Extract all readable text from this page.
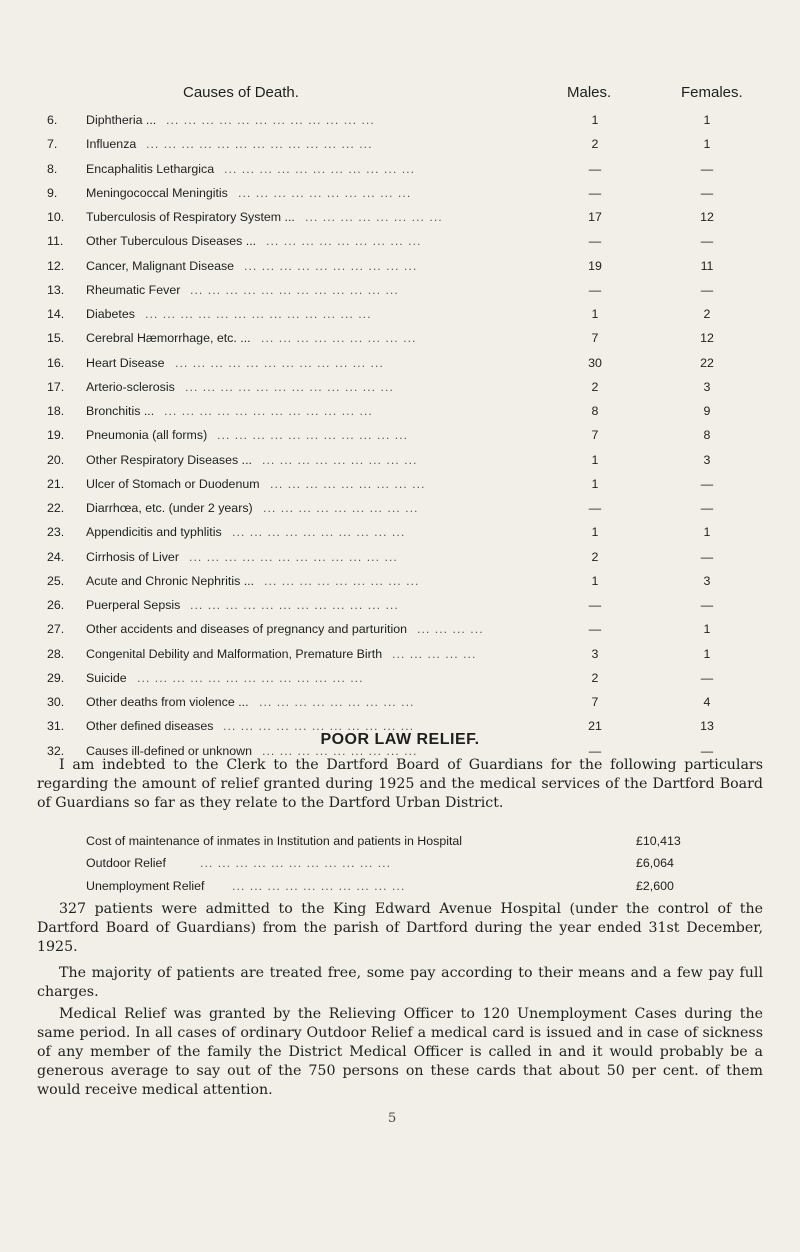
Causes of Death.	Males.	Females.
6.	Diphtheria ... ... ... ... ... ... ... ... ... ... ... ... ...	1	1
7.	Influenza ... ... ... ... ... ... ... ... ... ... ... ... ...	2	1
8.	Encaphalitis Lethargica ... ... ... ... ... ... ... ... ... ... ...	—	—
9.	Meningococcal Meningitis ... ... ... ... ... ... ... ... ... ...	—	—
10.	Tuberculosis of Respiratory System ... ... ... ... ... ... ... ... ...	17	12
11.	Other Tuberculous Diseases ... ... ... ... ... ... ... ... ... ...	—	—
12.	Cancer, Malignant Disease ... ... ... ... ... ... ... ... ... ...	19	11
13.	Rheumatic Fever ... ... ... ... ... ... ... ... ... ... ... ...	—	—
14.	Diabetes ... ... ... ... ... ... ... ... ... ... ... ... ...	1	2
15.	Cerebral Hæmorrhage, etc. ... ... ... ... ... ... ... ... ... ...	7	12
16.	Heart Disease ... ... ... ... ... ... ... ... ... ... ... ...	30	22
17.	Arterio-sclerosis ... ... ... ... ... ... ... ... ... ... ... ...	2	3
18.	Bronchitis ... ... ... ... ... ... ... ... ... ... ... ... ...	8	9
19.	Pneumonia (all forms) ... ... ... ... ... ... ... ... ... ... ...	7	8
20.	Other Respiratory Diseases ... ... ... ... ... ... ... ... ... ...	1	3
21.	Ulcer of Stomach or Duodenum ... ... ... ... ... ... ... ... ...	1	—
22.	Diarrhœa, etc. (under 2 years) ... ... ... ... ... ... ... ... ...	—	—
23.	Appendicitis and typhlitis ... ... ... ... ... ... ... ... ... ...	1	1
24.	Cirrhosis of Liver ... ... ... ... ... ... ... ... ... ... ... ...	2	—
25.	Acute and Chronic Nephritis ... ... ... ... ... ... ... ... ... ...	1	3
26.	Puerperal Sepsis ... ... ... ... ... ... ... ... ... ... ... ...	—	—
27.	Other accidents and diseases of pregnancy and parturition ... ... ... ...	—	1
28.	Congenital Debility and Malformation, Premature Birth ... ... ... ... ...	3	1
29.	Suicide ... ... ... ... ... ... ... ... ... ... ... ... ...	2	—
30.	Other deaths from violence ... ... ... ... ... ... ... ... ... ...	7	4
31.	Other defined diseases ... ... ... ... ... ... ... ... ... ... ...	21	13
32.	Causes ill-defined or unknown ... ... ... ... ... ... ... ... ...	—	—
POOR LAW RELIEF.

I am indebted to the Clerk to the Dartford Board of Guardians for the following particulars regarding the amount of relief granted during 1925 and the medical services of the Dartford Board of Guardians so far as they relate to the Dartford Urban District.

Cost of maintenance of inmates in Institution and patients in Hospital	£10,413
Outdoor Relief	... ... ... ... ... ... ... ... ... ... ...	£6,064
Unemployment Relief ... ... ... ... ... ... ... ... ... ...	£2,600

327 patients were admitted to the King Edward Avenue Hospital (under the control of the Dartford Board of Guardians) from the parish of Dartford during the year ended 31st December, 1925.

The majority of patients are treated free, some pay according to their means and a few pay full charges.

Medical Relief was granted by the Relieving Officer to 120 Unemployment Cases during the same period. In all cases of ordinary Outdoor Relief a medical card is issued and in case of sickness of any member of the family the District Medical Officer is called in and it would probably be a generous average to say out of the 750 persons on these cards that about 50 per cent. of them would receive medical attention.

5
